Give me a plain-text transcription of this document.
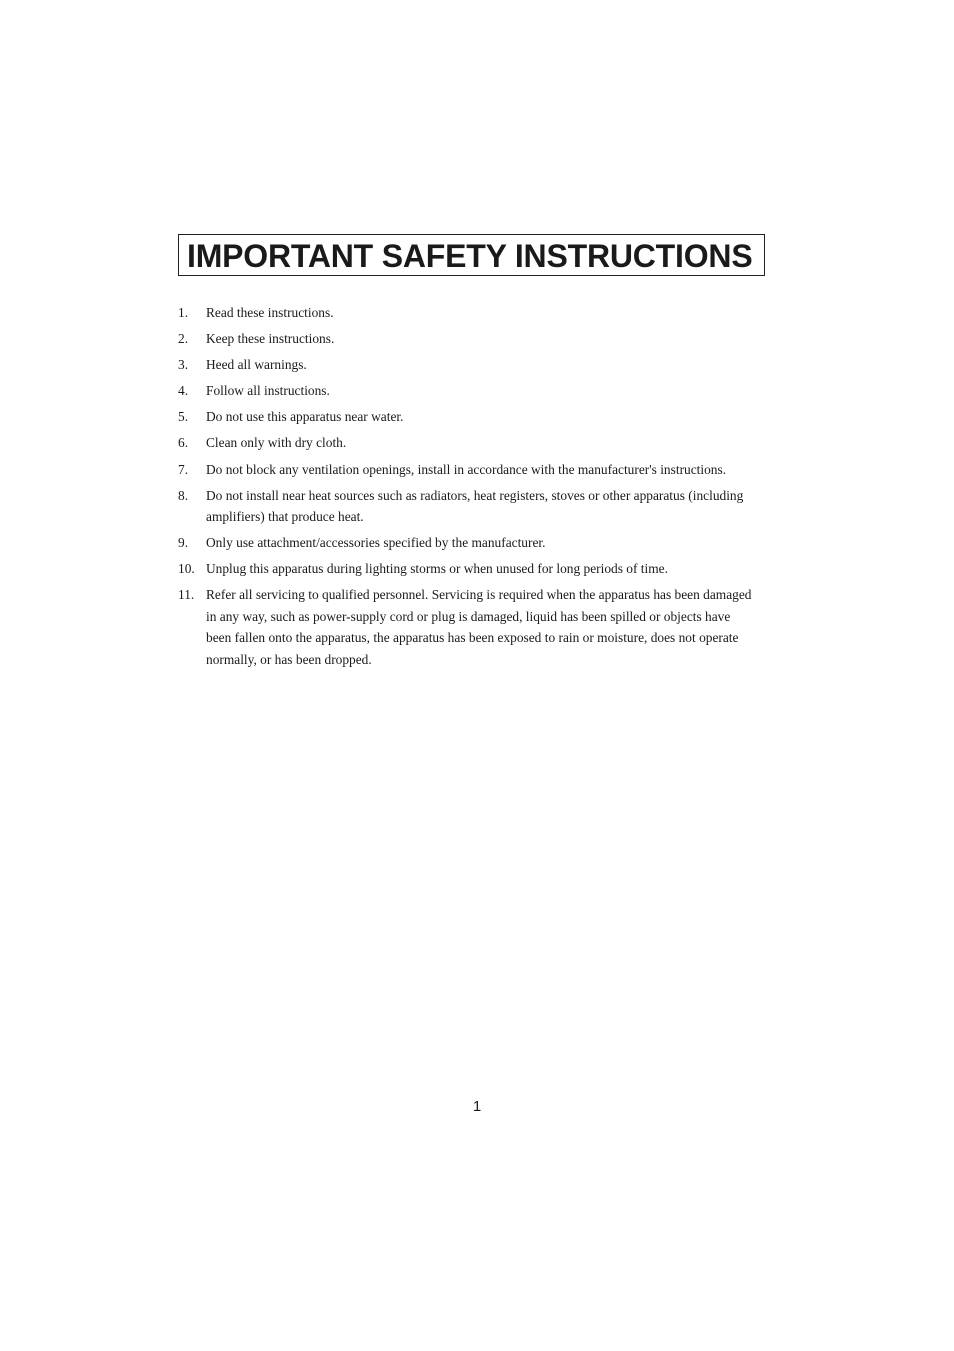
IMPORTANT SAFETY INSTRUCTIONS
1.	Read these instructions.
2.	Keep these instructions.
3.	Heed all warnings.
4.	Follow all instructions.
5.	Do not use this apparatus near water.
6.	Clean only with dry cloth.
7.	Do not block any ventilation openings, install in accordance with the manufacturer's instructions.
8.	Do not install near heat sources such as radiators, heat registers, stoves or other apparatus (including amplifiers) that produce heat.
9.	Only use attachment/accessories specified by the manufacturer.
10. Unplug this apparatus during lighting storms or when unused for long periods of time.
11. Refer all servicing to qualified personnel. Servicing is required when the apparatus has been damaged in any way, such as power-supply cord or plug is damaged, liquid has been spilled or objects have been fallen onto the apparatus, the apparatus has been exposed to rain or moisture, does not operate normally, or has been dropped.
1
